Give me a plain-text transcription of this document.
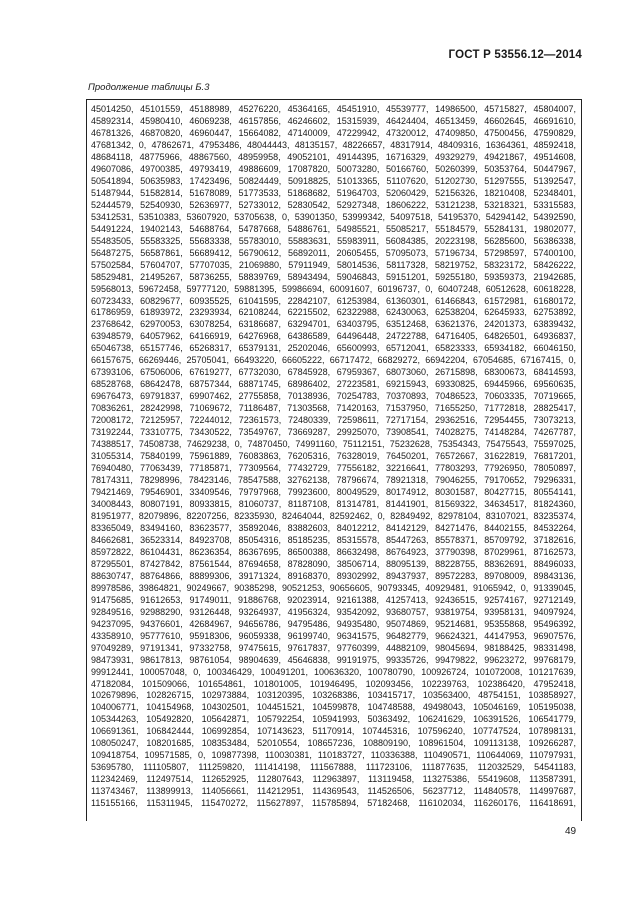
ГОСТ Р 53556.12—2014
Продолжение таблицы Б.3
45014250, 45101559, 45188989, 45276220, 45364165, 45451910, 45539777, 14986500, 45715827, 45804007,
45892314, 45980410, 46069238, 46157856, 46246602, 15315939, 46424404, 46513459, 46602645, 46691610,
46781326, 46870820, 46960447, 15664082, 47140009, 47229942, 47320012, 47409850, 47500456, 47590829,
47681342, 0, 47862671, 47953486, 48044443, 48135157, 48226657, 48317914, 48409316, 16364361, 48592418,
48684118, 48775966, 48867560, 48959958, 49052101, 49144395, 16716329, 49329279, 49421867, 49514608,
49607086, 49700385, 49793419, 49886609, 17087820, 50073280, 50166760, 50260399, 50353764, 50447967,
50541894, 50635983, 17423496, 50824449, 50918825, 51013365, 51107620, 51202730, 51297555, 51392547,
51487944, 51582814, 51678089, 51773533, 51868682, 51964703, 52060429, 52156326, 18210408, 52348401,
52444579, 52540930, 52636977, 52733012, 52830542, 52927348, 18606222, 53121238, 53218321, 53315583,
53412531, 53510383, 53607920, 53705638, 0, 53901350, 53999342, 54097518, 54195370, 54294142, 54392590,
54491224, 19402143, 54688764, 54787668, 54886761, 54985521, 55085217, 55184579, 55284131, 19802077,
55483505, 55583325, 55683338, 55783010, 55883631, 55983911, 56084385, 20223198, 56285600, 56386338,
56487275, 56587861, 56689412, 56790612, 56892011, 20605455, 57095073, 57196734, 57298597, 57400100,
57502584, 57604707, 57707035, 21069880, 57911949, 58014536, 58117328, 58219752, 58323172, 58426222,
58529481, 21495267, 58736255, 58839769, 58943494, 59046843, 59151201, 59255180, 59359373, 21942685,
59568013, 59672458, 59777120, 59881395, 59986694, 60091607, 60196737, 0, 60407248, 60512628, 60618228,
60723433, 60829677, 60935525, 61041595, 22842107, 61253984, 61360301, 61466843, 61572981, 61680172,
61786959, 61893972, 23293934, 62108244, 62215502, 62322988, 62430063, 62538204, 62645933, 62753892,
23768642, 62970053, 63078254, 63186687, 63294701, 63403795, 63512468, 63621376, 24201373, 63839432,
63948579, 64057962, 64166919, 64276968, 64386589, 64496448, 24722788, 64716405, 64826501, 64936837,
65046738, 65157746, 65268317, 65379131, 25202046, 65600993, 65712041, 65823333, 65934182, 66046150,
66157675, 66269446, 25705041, 66493220, 66605222, 66717472, 66829272, 66942204, 67054685, 67167415, 0,
67393106, 67506006, 67619277, 67732030, 67845928, 67959367, 68073060, 26715898, 68300673, 68414593,
68528768, 68642478, 68757344, 68871745, 68986402, 27223581, 69215943, 69330825, 69445966, 69560635,
69676473, 69791837, 69907462, 27755858, 70138936, 70254783, 70370893, 70486523, 70603335, 70719665,
70836261, 28242998, 71069672, 71186487, 71303568, 71420163, 71537950, 71655250, 71772818, 28825417,
72008172, 72125957, 72244012, 72361573, 72480339, 72598611, 72717154, 29362516, 72954455, 73073213,
73192244, 73310775, 73430522, 73549767, 73669287, 29925070, 73908541, 74028275, 74148284, 74267787,
74388517, 74508738, 74629238, 0, 74870450, 74991160, 75112151, 75232628, 75354343, 75475543, 75597025,
31055314, 75840199, 75961889, 76083863, 76205316, 76328019, 76450201, 76572667, 31622819, 76817201,
76940480, 77063439, 77185871, 77309564, 77432729, 77556182, 32216641, 77803293, 77926950, 78050897,
78174311, 78298996, 78423146, 78547588, 32762138, 78796674, 78921318, 79046255, 79170652, 79296331,
79421469, 79546901, 33409546, 79797968, 79923600, 80049529, 80174912, 80301587, 80427715, 80554141,
34008443, 80807191, 80933815, 81060737, 81187108, 81314781, 81441901, 81569322, 34634517, 81824360,
81951977, 82079896, 82207256, 82335930, 82464044, 82592462, 0, 82849492, 82978104, 83107021, 83235374,
83365049, 83494160, 83623577, 35892046, 83882603, 84012212, 84142129, 84271476, 84402155, 84532264,
84662681, 36523314, 84923708, 85054316, 85185235, 85315578, 85447263, 85578371, 85709792, 37182616,
85972822, 86104431, 86236354, 86367695, 86500388, 86632498, 86764923, 37790398, 87029961, 87162573,
87295501, 87427842, 87561544, 87694658, 87828090, 38506714, 88095139, 88228755, 88362691, 88496033,
88630747, 88764866, 88899306, 39171324, 89168370, 89302992, 89437937, 89572283, 89708009, 89843136,
89978586, 39864821, 90249667, 90385298, 90521253, 90656605, 90793345, 40929481, 91065942, 0, 91339045,
91475685, 91612653, 91749011, 91886768, 92023914, 92161388, 41257413, 92436515, 92574167, 92712149,
92849516, 92988290, 93126448, 93264937, 41956324, 93542092, 93680757, 93819754, 93958131, 94097924,
94237095, 94376601, 42684967, 94656786, 94795486, 94935480, 95074869, 95214681, 95355868, 95496392,
43358910, 95777610, 95918306, 96059338, 96199740, 96341575, 96482779, 96624321, 44147953, 96907576,
97049289, 97191341, 97332758, 97475615, 97617837, 97760399, 44882109, 98045694, 98188425, 98331498,
98473931, 98617813, 98761054, 98904639, 45646838, 99191975, 99335726, 99479822, 99623272, 99768179,
99912441, 100057048, 0, 100346429, 100491201, 100636320, 100780790, 100926724, 101072008, 101217639,
47182084, 101509066, 101654861, 101801005, 101946495, 102093456, 102239763, 102386420, 47952418,
102679896, 102826715, 102973884, 103120395, 103268386, 103415717, 103563400, 48754151, 103858927,
104006771, 104154968, 104302501, 104451521, 104599878, 104748588, 49498043, 105046169, 105195038,
105344263, 105492820, 105642871, 105792254, 105941993, 50363492, 106241629, 106391526, 106541779,
106691361, 106842444, 106992854, 107143623, 51170914, 107445316, 107596240, 107747524, 107898131,
108050247, 108201685, 108353484, 52010554, 108657236, 108809190, 108961504, 109113138, 109266287,
109418754, 109571585, 0, 109877398, 110030381, 110183727, 110336388, 110490571, 110644069, 110797931,
53695780, 111105807, 111259820, 111414198, 111567888, 111723106, 111877635, 112032529, 54541183,
112342469, 112497514, 112652925, 112807643, 112963897, 113119458, 113275386, 55419608, 113587391,
113743467, 113899913, 114056661, 114212951, 114369543, 114526506, 56237712, 114840578, 114997687,
115155166, 115311945, 115470272, 115627897, 115785894, 57182468, 116102034, 116260176, 116418691,
49
